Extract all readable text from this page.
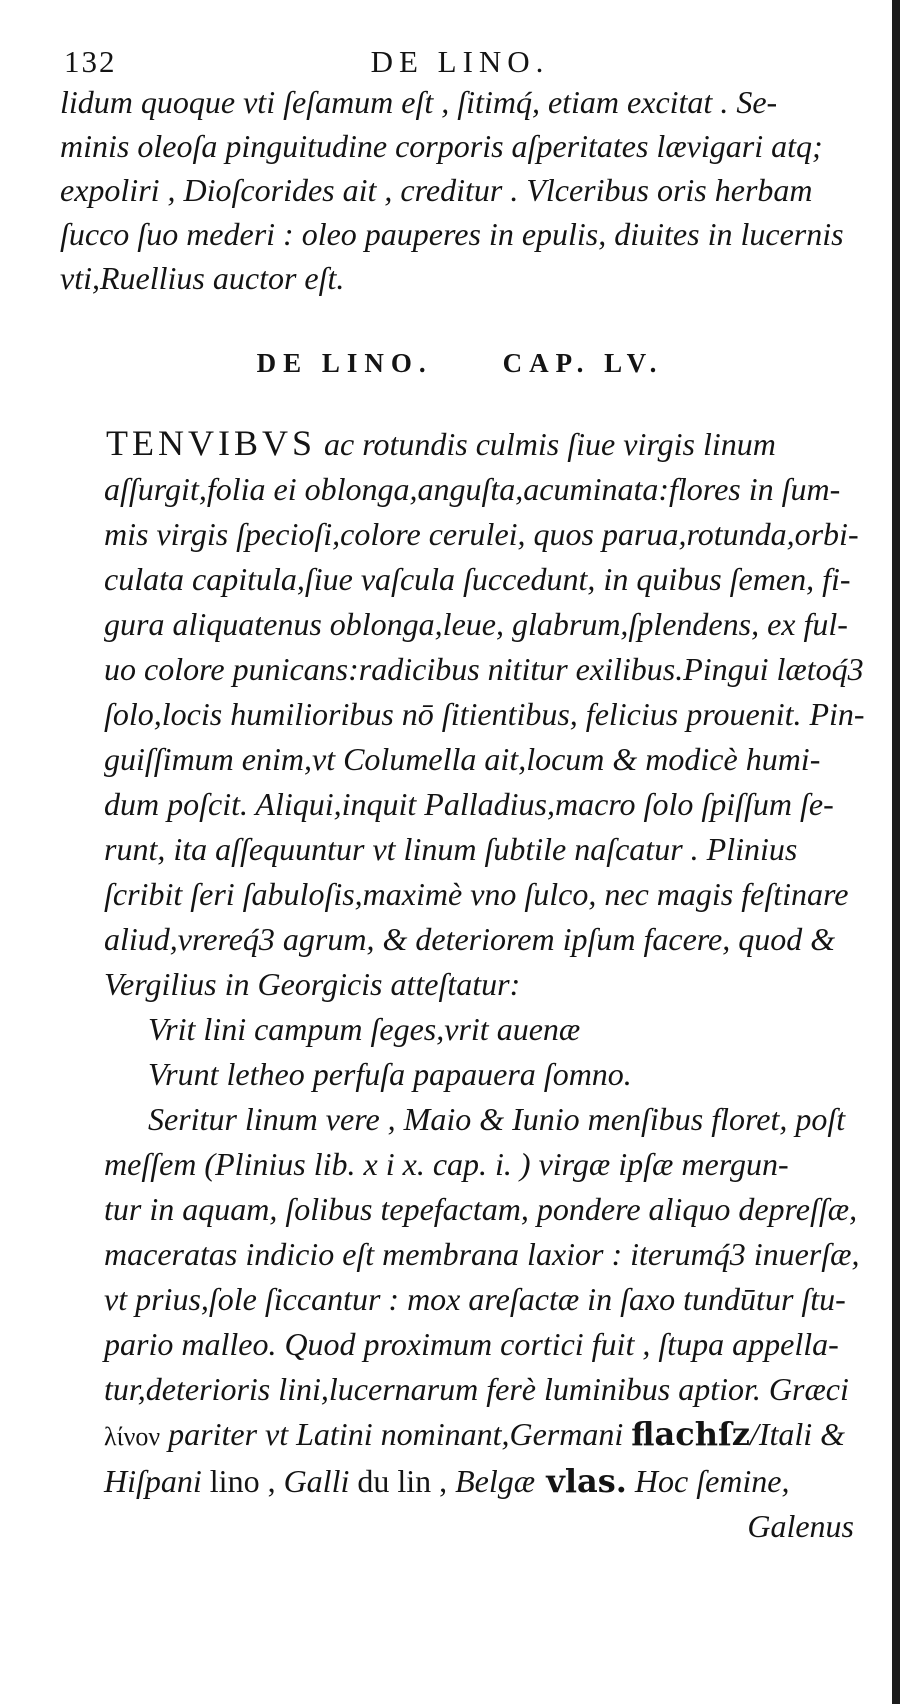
132	DE LINO.
lidum quoque vti ſeſamum eſt , ſitimq́, etiam excitat . Se-
minis oleoſa pinguitudine corporis aſperitates lævigari atq;
expoliri , Dioſcorides ait , creditur . Vlceribus oris herbam
ſucco ſuo mederi : oleo pauperes in epulis, diuites in lucernis
vti,Ruellius auctor eſt.
DE LINO.	CAP. LV.
TENVIBVS ac rotundis culmis ſiue virgis linum
aſſurgit,folia ei oblonga,anguſta,acuminata:flores in ſum-
mis virgis ſpecioſi,colore cerulei, quos parua,rotunda,orbi-
culata capitula,ſiue vaſcula ſuccedunt, in quibus ſemen, fi-
gura aliquatenus oblonga,leue, glabrum,ſplendens, ex ful-
uo colore punicans:radicibus nititur exilibus.Pingui lætoq́3
ſolo,locis humilioribus nō ſitientibus, felicius prouenit. Pin-
guiſſimum enim,vt Columella ait,locum & modicè humi-
dum poſcit. Aliqui,inquit Palladius,macro ſolo ſpiſſum ſe-
runt, ita aſſequuntur vt linum ſubtile naſcatur . Plinius
ſcribit ſeri ſabuloſis,maximè vno ſulco, nec magis feſtinare
aliud,vrereq́3 agrum, & deteriorem ipſum facere, quod &
Vergilius in Georgicis atteſtatur:
Vrit lini campum ſeges,vrit auenæ
Vrunt letheo perfuſa papauera ſomno.
Seritur linum vere , Maio & Iunio menſibus floret, poſt
meſſem (Plinius lib. x i x. cap. i. ) virgæ ipſæ mergun-
tur in aquam, ſolibus tepefactam, pondere aliquo depreſſæ,
maceratas indicio eſt membrana laxior : iterumq́3 inuerſæ,
vt prius,ſole ſiccantur : mox areſactæ in ſaxo tundūtur ſtu-
pario malleo. Quod proximum cortici fuit , ſtupa appella-
tur,deterioris lini,lucernarum ferè luminibus aptior. Græci
λίνον pariter vt Latini nominant,Germani flachſz/Itali &
Hiſpani lino , Galli du lin , Belgæ vlas. Hoc ſemine,
Galenus
